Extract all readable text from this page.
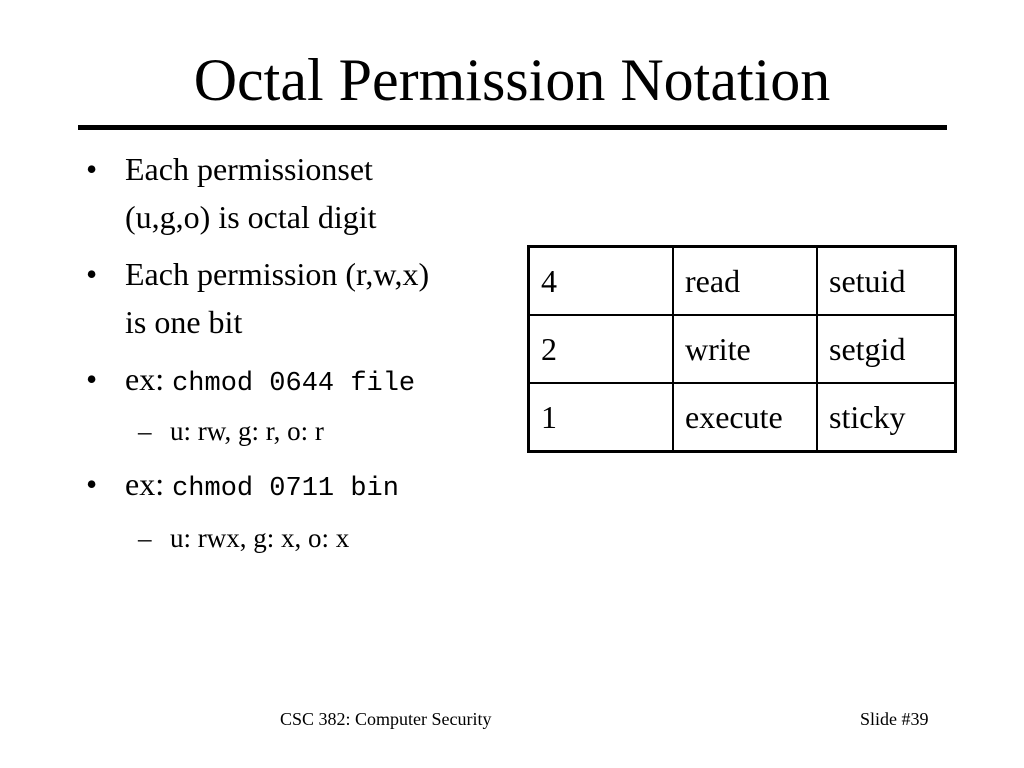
Octal Permission Notation
• Each permissionset
(u,g,o) is octal digit
• Each permission (r,w,x)
is one bit
• ex: chmod 0644 file
– u: rw, g: r, o: r
• ex: chmod 0711 bin
– u: rwx, g: x, o: x
4	read	setuid
2	write	setgid
1	execute	sticky
CSC 382: Computer Security	Slide #39
